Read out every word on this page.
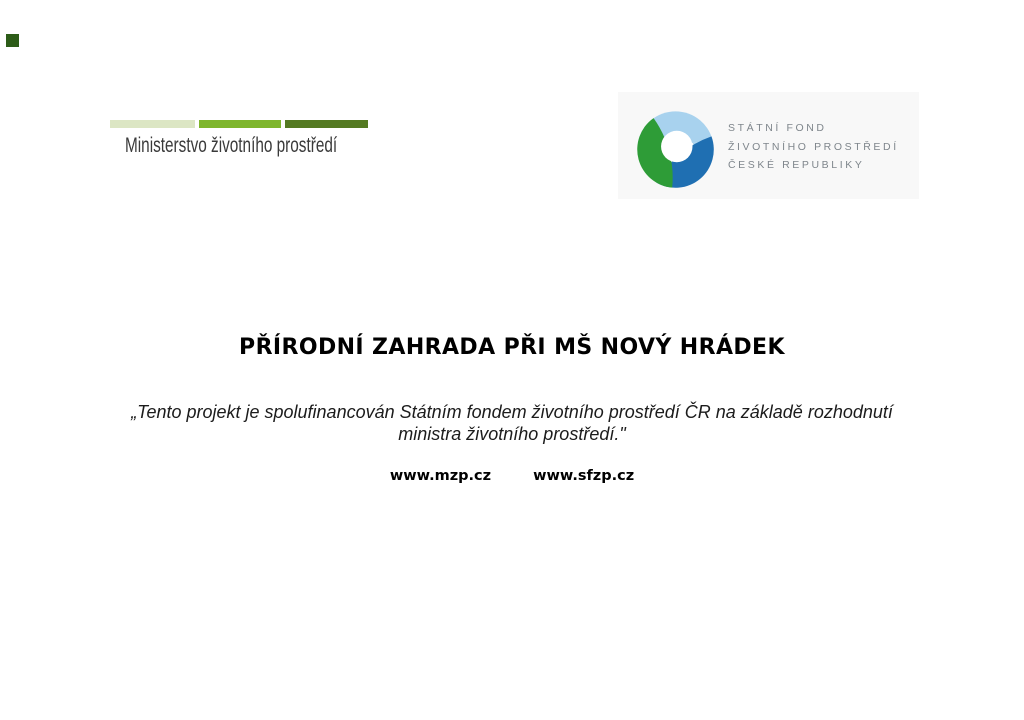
Ministerstvo životního prostředí
STÁTNÍ FOND
ŽIVOTNÍHO PROSTŘEDÍ
ČESKÉ REPUBLIKY
PŘÍRODNÍ ZAHRADA PŘI MŠ NOVÝ HRÁDEK
„Tento projekt je spolufinancován Státním fondem životního prostředí ČR na základě rozhodnutí
ministra životního prostředí."
www.mzp.cz	www.sfzp.cz
